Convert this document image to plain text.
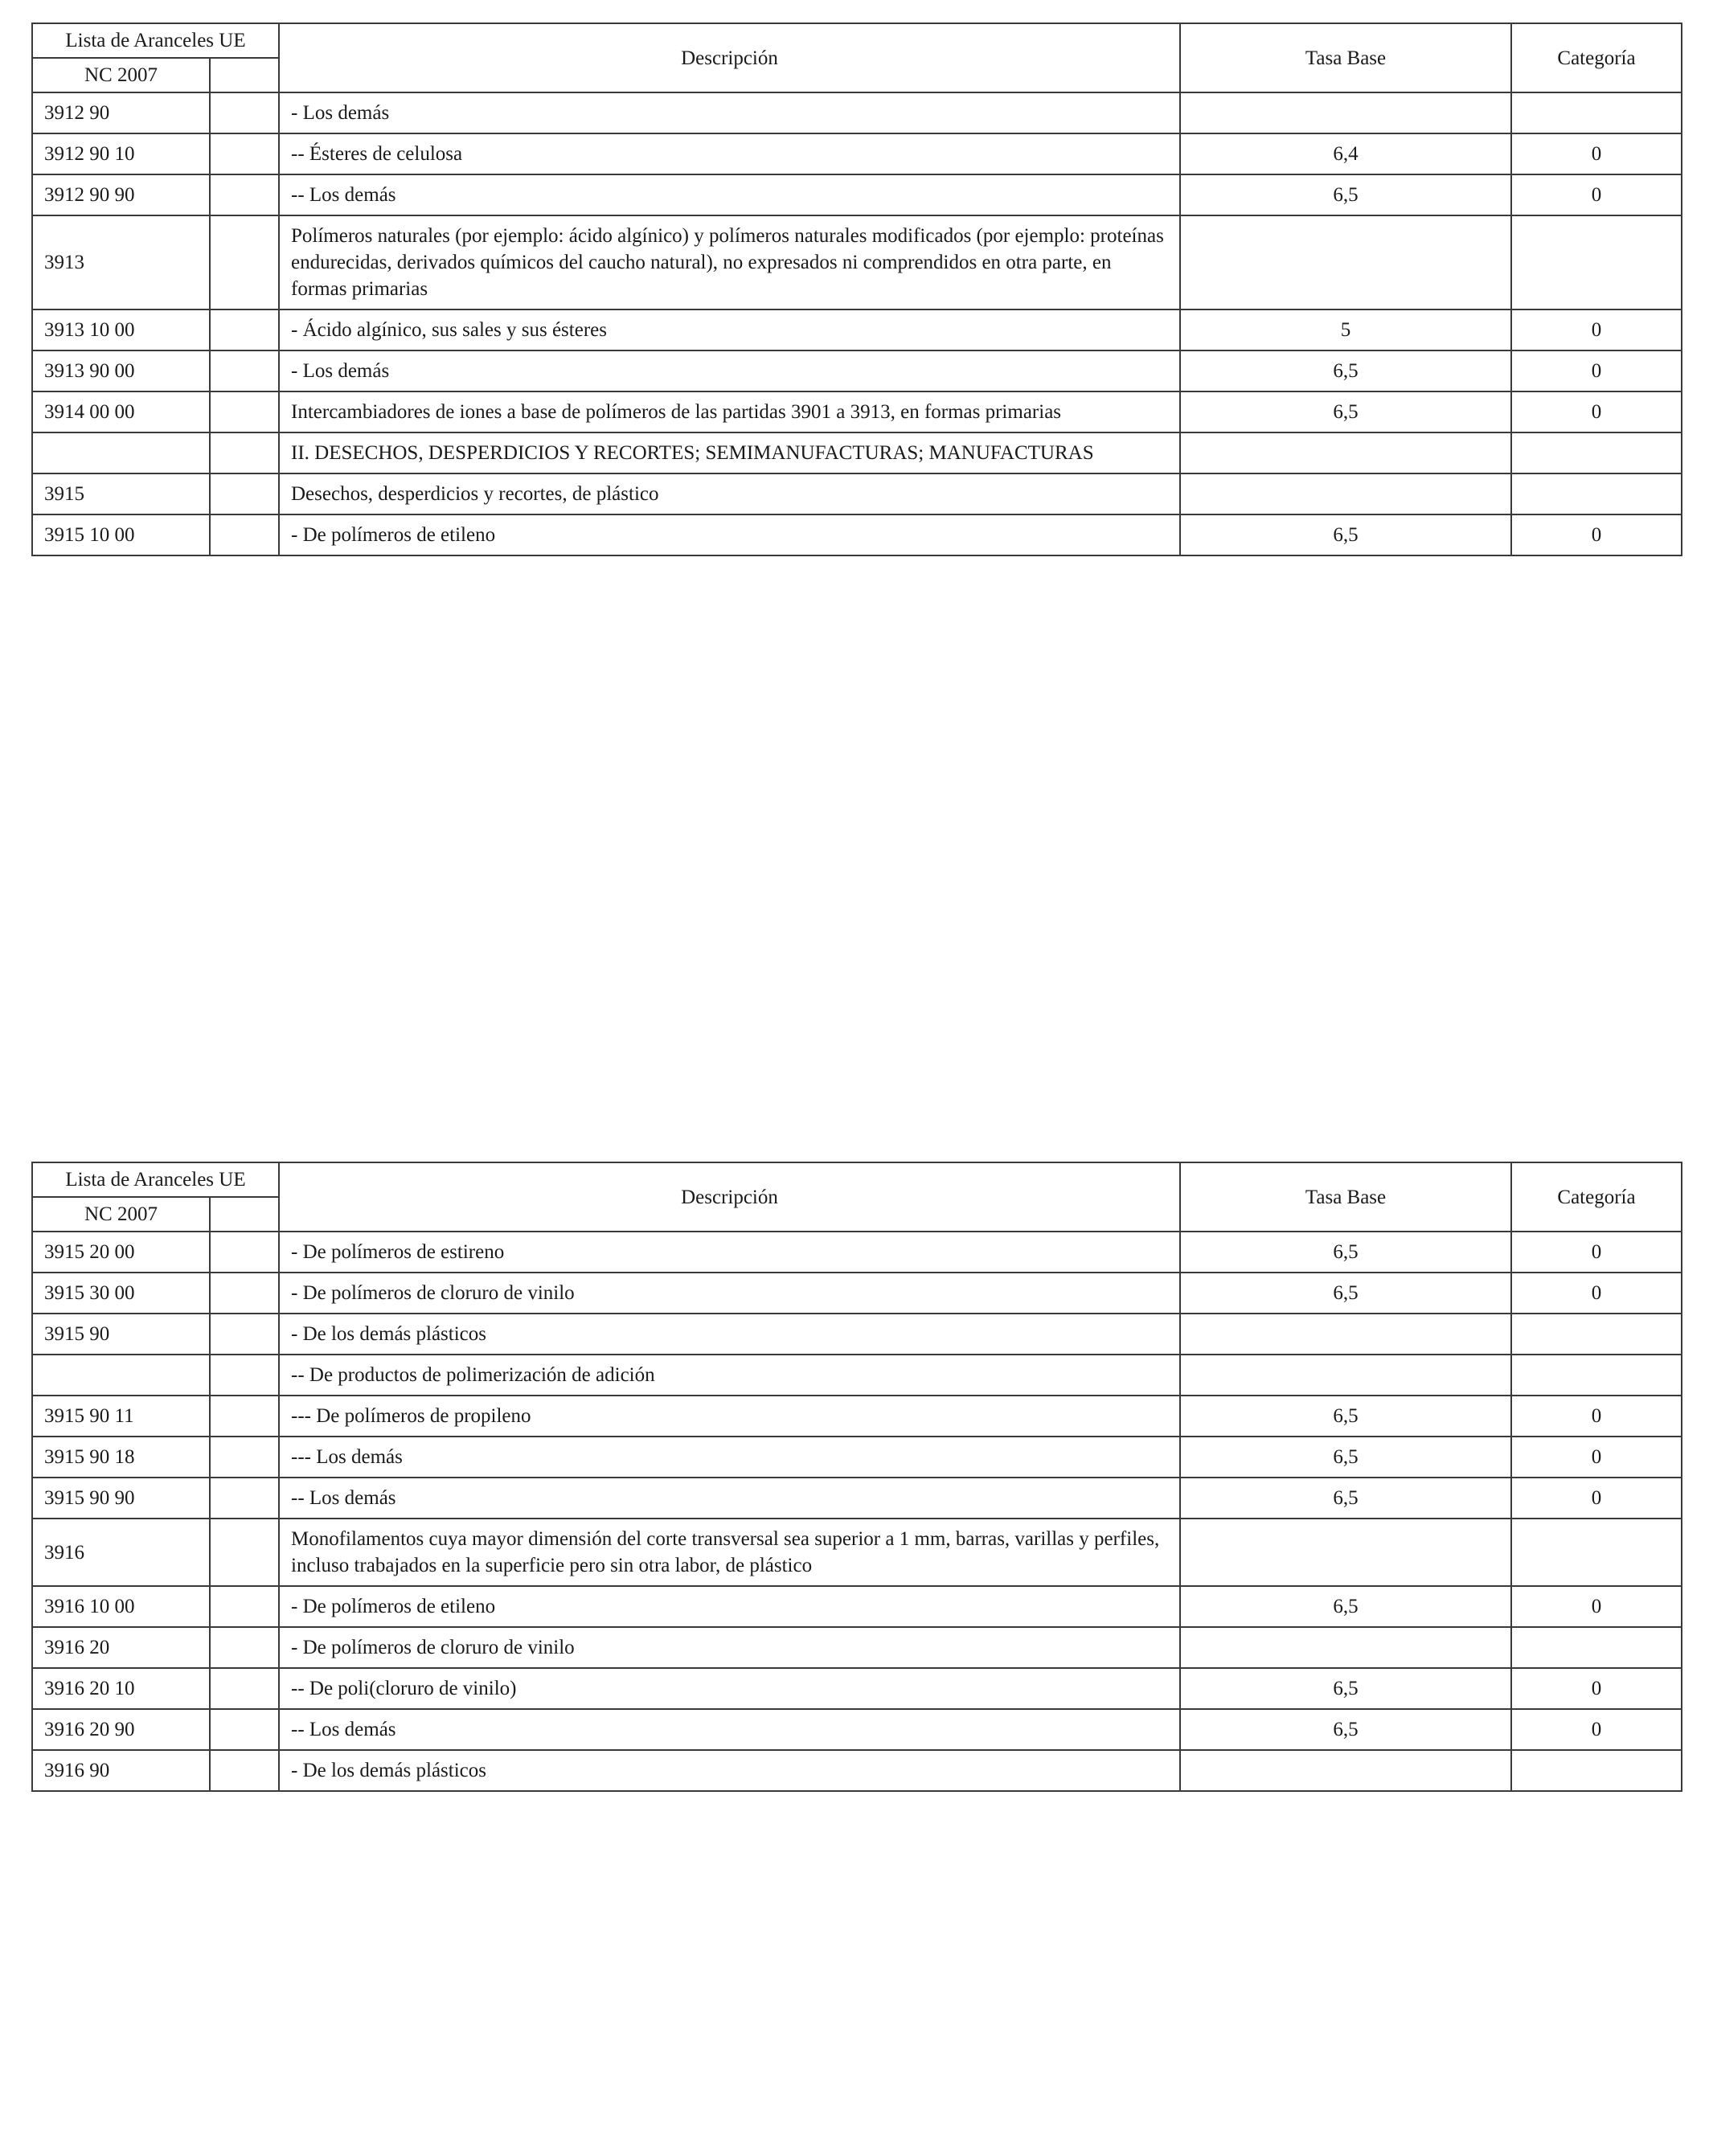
Lista de Aranceles UE		Descripción	Tasa Base	Categoría
NC 2007				
3912 90		- Los demás		
3912 90 10		-- Ésteres de celulosa	6,4	0
3912 90 90		-- Los demás	6,5	0
3913		Polímeros naturales (por ejemplo: ácido algínico) y polímeros naturales modificados (por ejemplo: proteínas endurecidas, derivados químicos del caucho natural), no expresados ni comprendidos en otra parte, en formas primarias		
3913 10 00		- Ácido algínico, sus sales y sus ésteres	5	0
3913 90 00		- Los demás	6,5	0
3914 00 00		Intercambiadores de iones a base de polímeros de las partidas 3901 a 3913, en formas primarias	6,5	0
		II. DESECHOS, DESPERDICIOS Y RECORTES; SEMIMANUFACTURAS; MANUFACTURAS		
3915		Desechos, desperdicios y recortes, de plástico		
3915 10 00		- De polímeros de etileno	6,5	0
Lista de Aranceles UE		Descripción	Tasa Base	Categoría
NC 2007				
3915 20 00		- De polímeros de estireno	6,5	0
3915 30 00		- De polímeros de cloruro de vinilo	6,5	0
3915 90		- De los demás plásticos		
		-- De productos de polimerización de adición		
3915 90 11		--- De polímeros de propileno	6,5	0
3915 90 18		--- Los demás	6,5	0
3915 90 90		-- Los demás	6,5	0
3916		Monofilamentos cuya mayor dimensión del corte transversal sea superior a 1 mm, barras, varillas y perfiles, incluso trabajados en la superficie pero sin otra labor, de plástico		
3916 10 00		- De polímeros de etileno	6,5	0
3916 20		- De polímeros de cloruro de vinilo		
3916 20 10		-- De poli(cloruro de vinilo)	6,5	0
3916 20 90		-- Los demás	6,5	0
3916 90		- De los demás plásticos		
